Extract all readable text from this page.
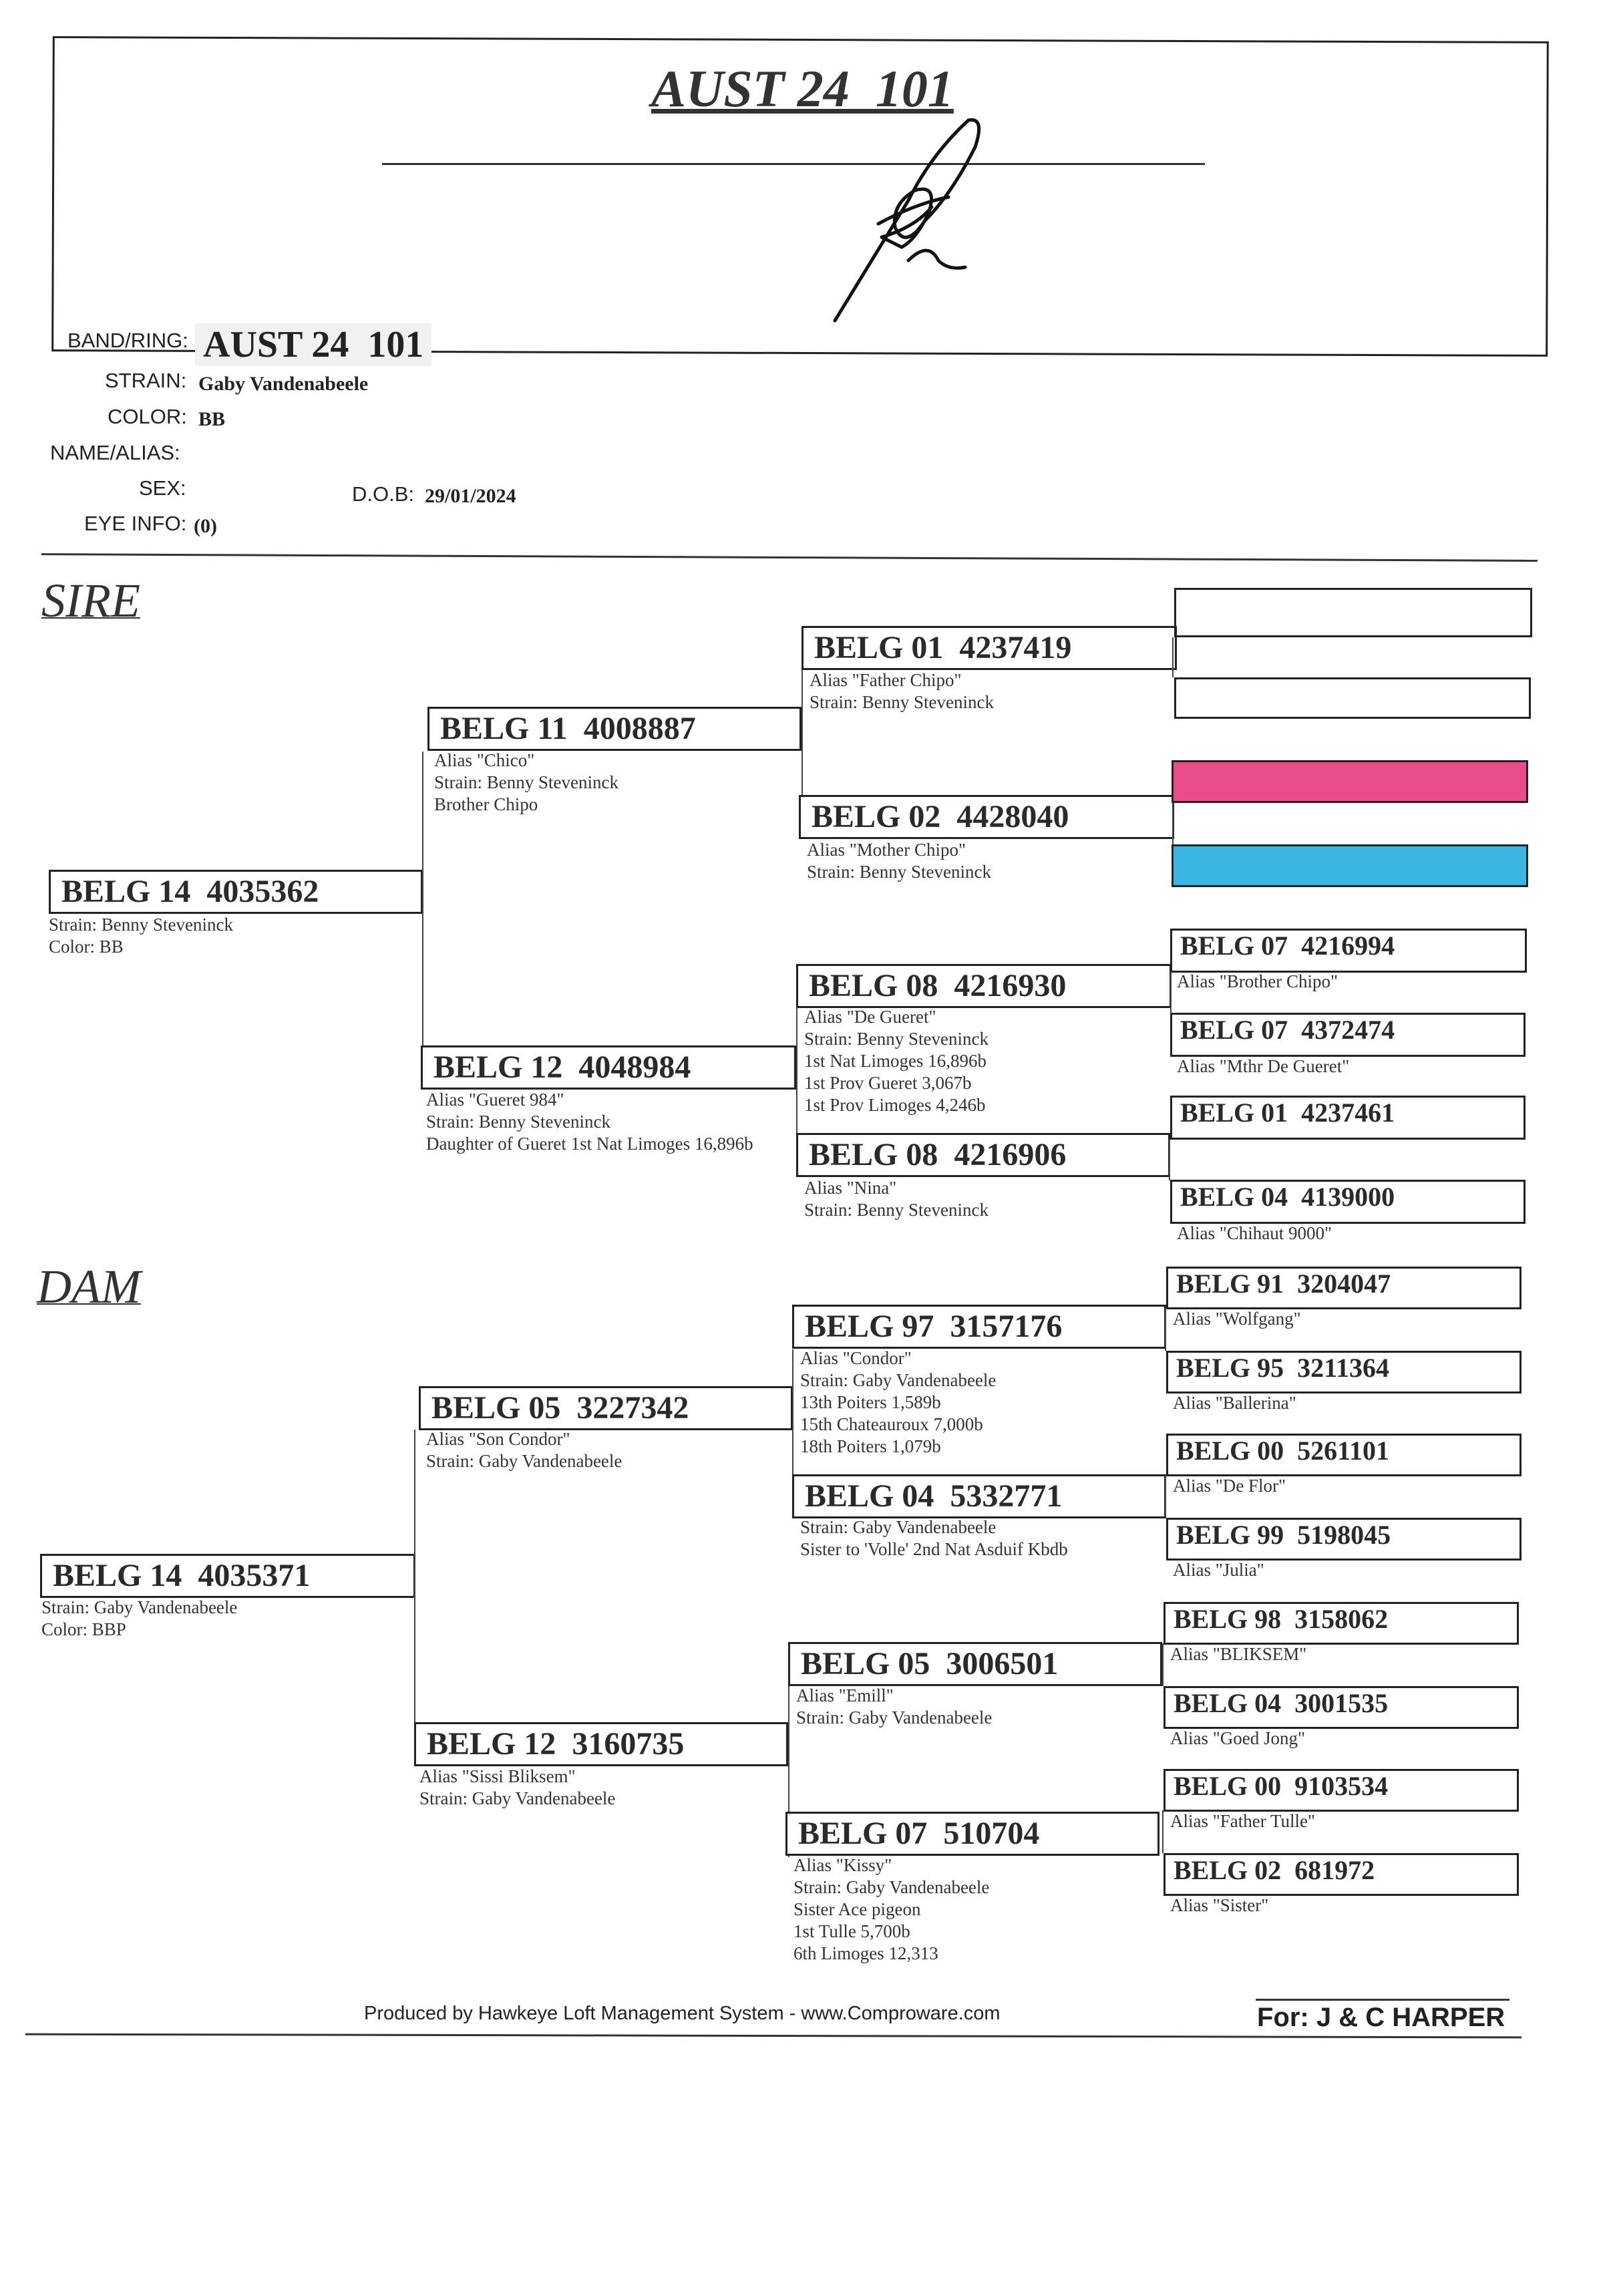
AUST 24  101
BAND/RING: AUST 24  101
STRAIN: Gaby Vandenabeele
COLOR: BB
NAME/ALIAS:
SEX:	D.O.B: 29/01/2024
EYE INFO: (0)
SIRE
DAM
BELG 14  4035362
Strain: Benny Steveninck
Color: BB
BELG 11  4008887
Alias "Chico"
Strain: Benny Steveninck
Brother Chipo
BELG 12  4048984
Alias "Gueret 984"
Strain: Benny Steveninck
Daughter of Gueret 1st Nat Limoges 16,896b
BELG 01  4237419
Alias "Father Chipo"
Strain: Benny Steveninck
BELG 02  4428040
Alias "Mother Chipo"
Strain: Benny Steveninck
BELG 08  4216930
Alias "De Gueret"
Strain: Benny Steveninck
1st Nat Limoges 16,896b
1st Prov Gueret 3,067b
1st Prov Limoges 4,246b
BELG 08  4216906
Alias "Nina"
Strain: Benny Steveninck
BELG 07  4216994
Alias "Brother Chipo"
BELG 07  4372474
Alias "Mthr De Gueret"
BELG 01  4237461
BELG 04  4139000
Alias "Chihaut 9000"
BELG 14  4035371
Strain: Gaby Vandenabeele
Color: BBP
BELG 05  3227342
Alias "Son Condor"
Strain: Gaby Vandenabeele
BELG 12  3160735
Alias "Sissi Bliksem"
Strain: Gaby Vandenabeele
BELG 97  3157176
Alias "Condor"
Strain: Gaby Vandenabeele
13th Poiters 1,589b
15th Chateauroux 7,000b
18th Poiters 1,079b
BELG 04  5332771
Strain: Gaby Vandenabeele
Sister to 'Volle' 2nd Nat Asduif Kbdb
BELG 05  3006501
Alias "Emill"
Strain: Gaby Vandenabeele
BELG 07  510704
Alias "Kissy"
Strain: Gaby Vandenabeele
Sister Ace pigeon
1st Tulle 5,700b
6th Limoges 12,313
BELG 91  3204047
Alias "Wolfgang"
BELG 95  3211364
Alias "Ballerina"
BELG 00  5261101
Alias "De Flor"
BELG 99  5198045
Alias "Julia"
BELG 98  3158062
Alias "BLIKSEM"
BELG 04  3001535
Alias "Goed Jong"
BELG 00  9103534
Alias "Father Tulle"
BELG 02  681972
Alias "Sister"
Produced by Hawkeye Loft Management System - www.Comproware.com	For: J & C HARPER
